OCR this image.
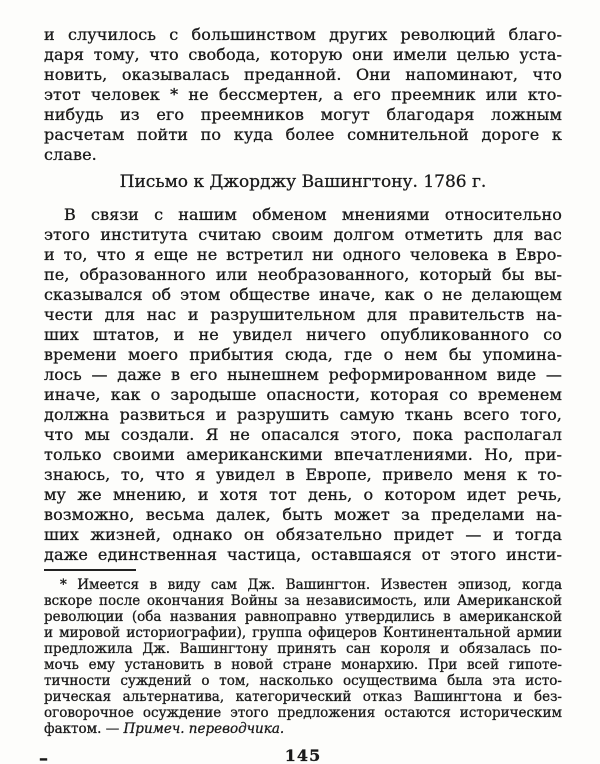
и случилось с большинством других революций благо-
даря тому, что свобода, которую они имели целью уста-
новить, оказывалась преданной. Они напоминают, что
этот человек * не бессмертен, а его преемник или кто-
нибудь из его преемников могут благодаря ложным
расчетам пойти по куда более сомнительной дороге к
славе.
Письмо к Джорджу Вашингтону. 1786 г.
В связи с нашим обменом мнениями относительно
этого института считаю своим долгом отметить для вас
и то, что я еще не встретил ни одного человека в Евро-
пе, образованного или необразованного, который бы вы-
сказывался об этом обществе иначе, как о не делающем
чести для нас и разрушительном для правительств на-
ших штатов, и не увидел ничего опубликованного со
времени моего прибытия сюда, где о нем бы упомина-
лось — даже в его нынешнем реформированном виде —
иначе, как о зародыше опасности, которая со временем
должна развиться и разрушить самую ткань всего того,
что мы создали. Я не опасался этого, пока располагал
только своими американскими впечатлениями. Но, при-
знаюсь, то, что я увидел в Европе, привело меня к то-
му же мнению, и хотя тот день, о котором идет речь,
возможно, весьма далек, быть может за пределами на-
ших жизней, однако он обязательно придет — и тогда
даже единственная частица, оставшаяся от этого инсти-
* Имеется в виду сам Дж. Вашингтон. Известен эпизод, когда
вскоре после окончания Войны за независимость, или Американской
революции (оба названия равноправно утвердились в американской
и мировой историографии), группа офицеров Континентальной армии
предложила Дж. Вашингтону принять сан короля и обязалась по-
мочь ему установить в новой стране монархию. При всей гипоте-
тичности суждений о том, насколько осуществима была эта исто-
рическая альтернатива, категорический отказ Вашингтона и без-
оговорочное осуждение этого предложения остаются историческим
фактом. — Примеч. переводчика.
–	145
